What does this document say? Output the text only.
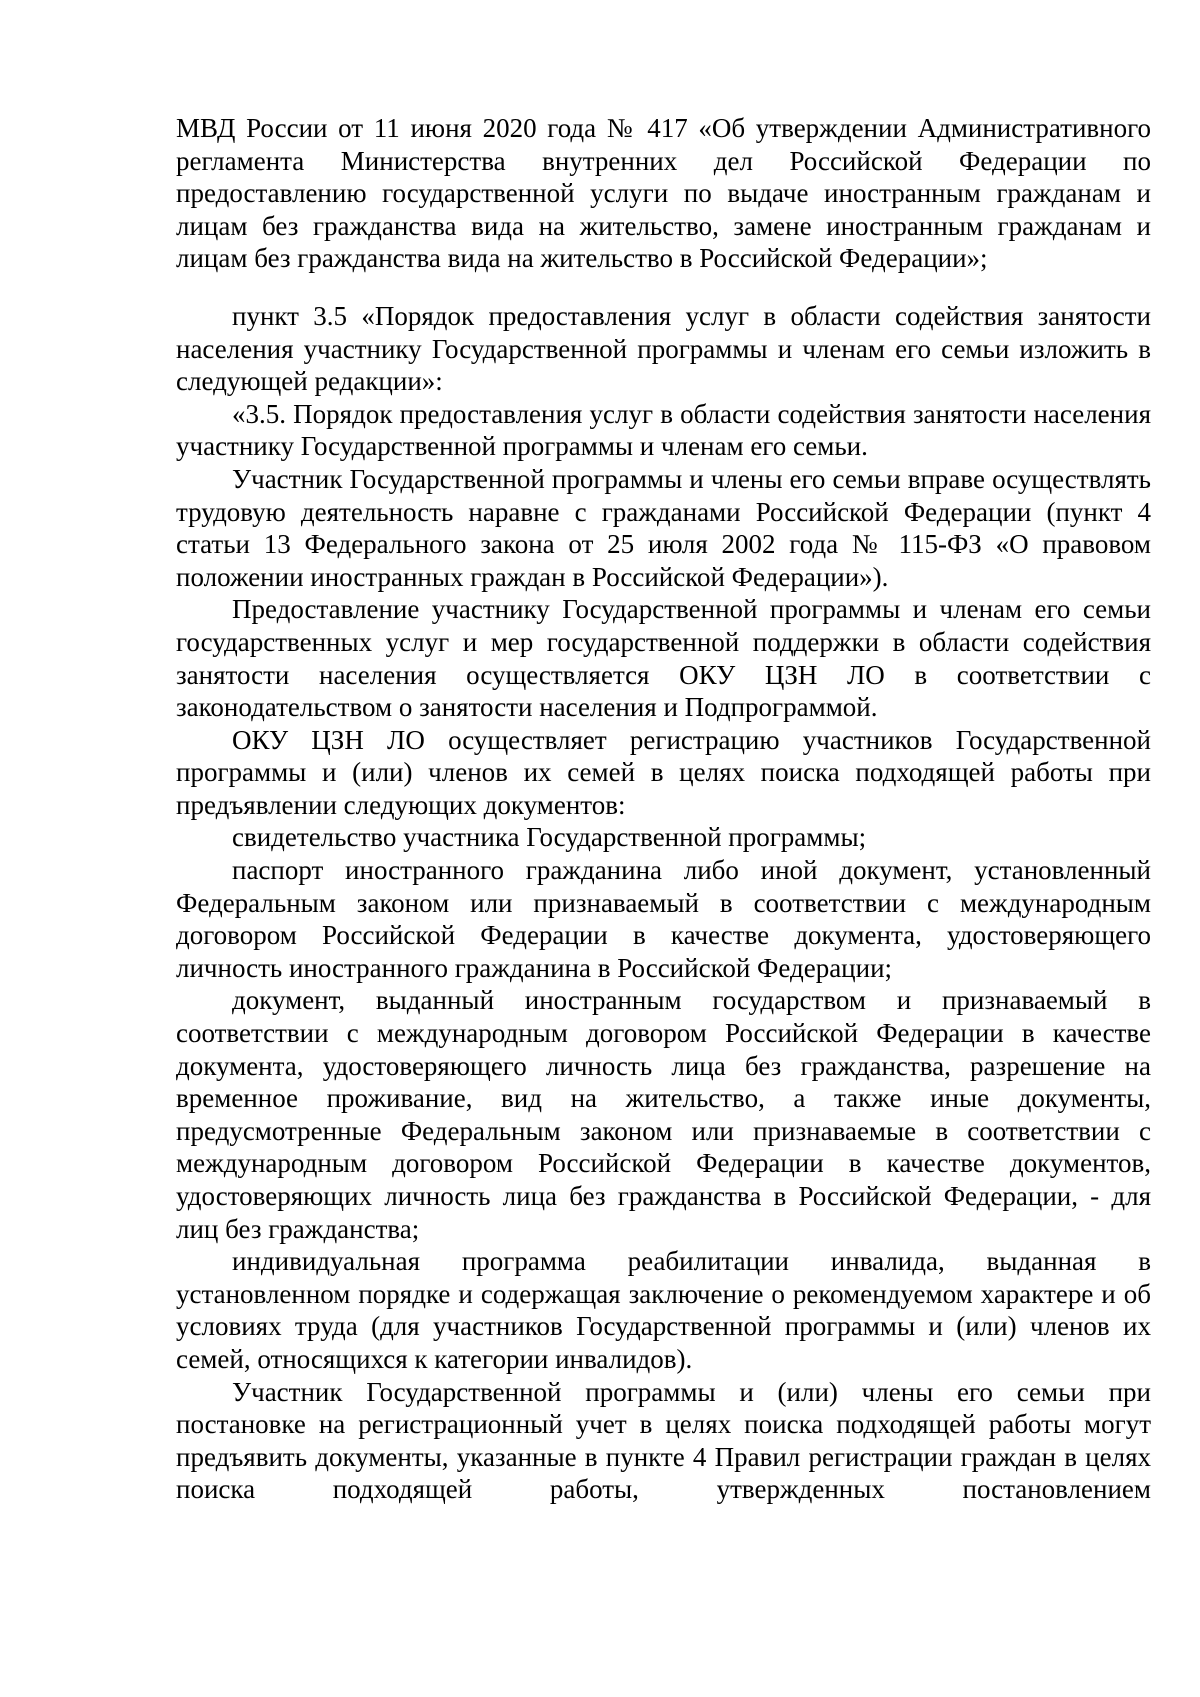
МВД России от 11 июня 2020 года № 417 «Об утверждении Административного регламента Министерства внутренних дел Российской Федерации по предоставлению государственной услуги по выдаче иностранным гражданам и лицам без гражданства вида на жительство, замене иностранным гражданам и лицам без гражданства вида на жительство в Российской Федерации»;

пункт 3.5 «Порядок предоставления услуг в области содействия занятости населения участнику Государственной программы и членам его семьи изложить в следующей редакции»:

«3.5. Порядок предоставления услуг в области содействия занятости населения участнику Государственной программы и членам его семьи.

Участник Государственной программы и члены его семьи вправе осуществлять трудовую деятельность наравне с гражданами Российской Федерации (пункт 4 статьи 13 Федерального закона от 25 июля 2002 года № 115-ФЗ «О правовом положении иностранных граждан в Российской Федерации»).

Предоставление участнику Государственной программы и членам его семьи государственных услуг и мер государственной поддержки в области содействия занятости населения осуществляется ОКУ ЦЗН ЛО в соответствии с законодательством о занятости населения и Подпрограммой.

ОКУ ЦЗН ЛО осуществляет регистрацию участников Государственной программы и (или) членов их семей в целях поиска подходящей работы при предъявлении следующих документов:

свидетельство участника Государственной программы;

паспорт иностранного гражданина либо иной документ, установленный Федеральным законом или признаваемый в соответствии с международным договором Российской Федерации в качестве документа, удостоверяющего личность иностранного гражданина в Российской Федерации;

документ, выданный иностранным государством и признаваемый в соответствии с международным договором Российской Федерации в качестве документа, удостоверяющего личность лица без гражданства, разрешение на временное проживание, вид на жительство, а также иные документы, предусмотренные Федеральным законом или признаваемые в соответствии с международным договором Российской Федерации в качестве документов, удостоверяющих личность лица без гражданства в Российской Федерации, - для лиц без гражданства;

индивидуальная программа реабилитации инвалида, выданная в установленном порядке и содержащая заключение о рекомендуемом характере и об условиях труда (для участников Государственной программы и (или) членов их семей, относящихся к категории инвалидов).

Участник Государственной программы и (или) члены его семьи при постановке на регистрационный учет в целях поиска подходящей работы могут предъявить документы, указанные в пункте 4 Правил регистрации граждан в целях поиска подходящей работы, утвержденных постановлением
